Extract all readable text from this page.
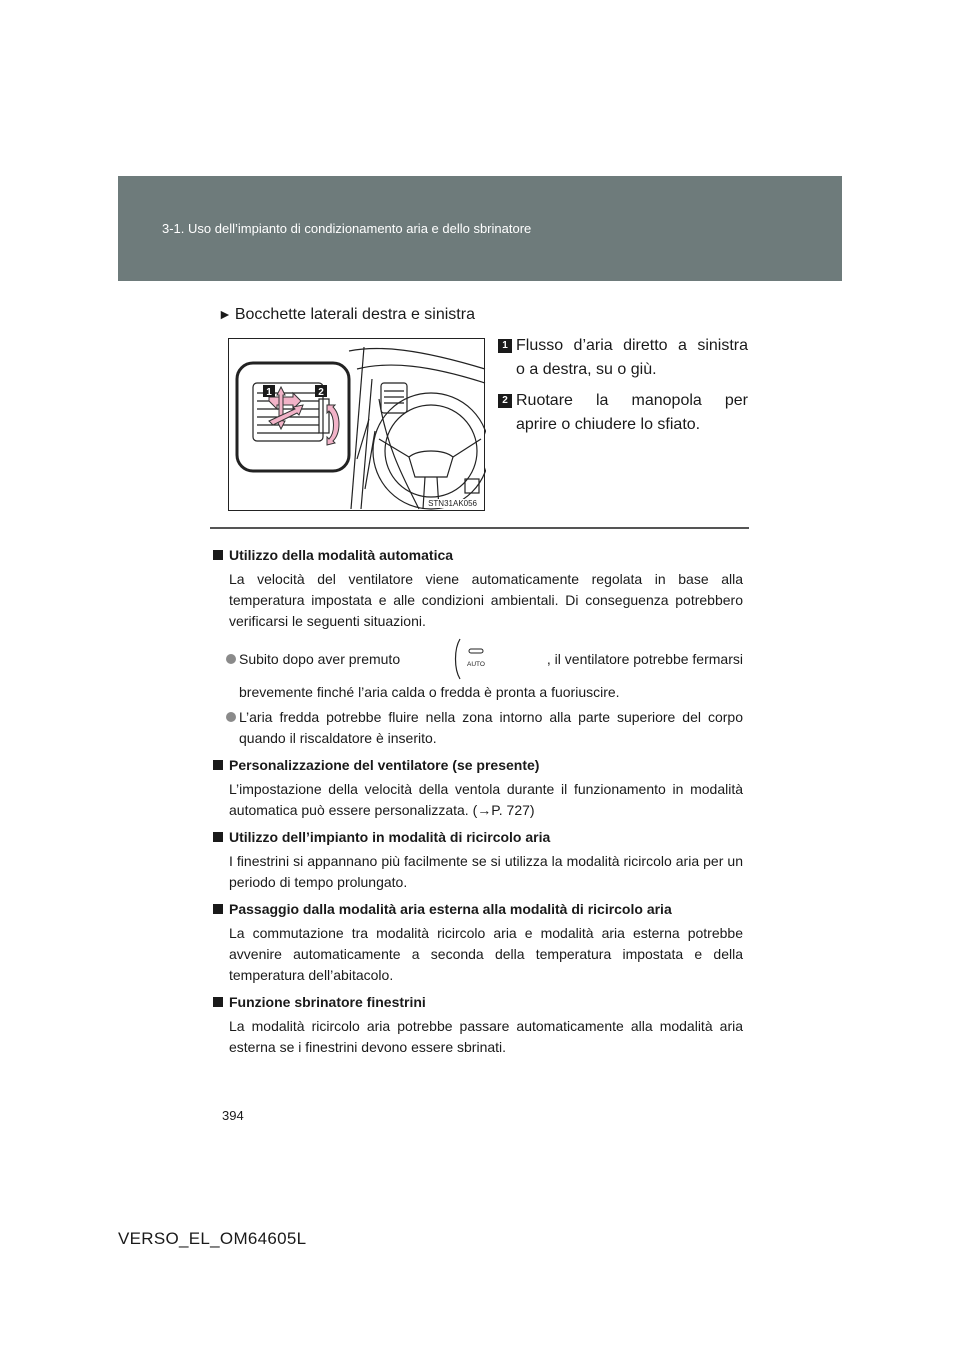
3-1. Uso dell’impianto di condizionamento aria e dello sbrinatore
► Bocchette laterali destra e sinistra
1	2
STN31AK056
1 Flusso d’aria diretto a sinistra
o a destra, su o giù.
2 Ruotare la manopola per
aprire o chiudere lo sfiato.
Utilizzo della modalità automatica
La velocità del ventilatore viene automaticamente regolata in base alla temperatura impostata e alle condizioni ambientali. Di conseguenza potrebbero verificarsi le seguenti situazioni.
Subito dopo aver premuto	AUTO	, il ventilatore potrebbe fermarsi
brevemente finché l’aria calda o fredda è pronta a fuoriuscire.
L’aria fredda potrebbe fluire nella zona intorno alla parte superiore del corpo quando il riscaldatore è inserito.
Personalizzazione del ventilatore (se presente)
L’impostazione della velocità della ventola durante il funzionamento in modalità automatica può essere personalizzata. (→P. 727)
Utilizzo dell’impianto in modalità di ricircolo aria
I finestrini si appannano più facilmente se si utilizza la modalità ricircolo aria per un periodo di tempo prolungato.
Passaggio dalla modalità aria esterna alla modalità di ricircolo aria
La commutazione tra modalità ricircolo aria e modalità aria esterna potrebbe avvenire automaticamente a seconda della temperatura impostata e della temperatura dell’abitacolo.
Funzione sbrinatore finestrini
La modalità ricircolo aria potrebbe passare automaticamente alla modalità aria esterna se i finestrini devono essere sbrinati.
394
VERSO_EL_OM64605L
